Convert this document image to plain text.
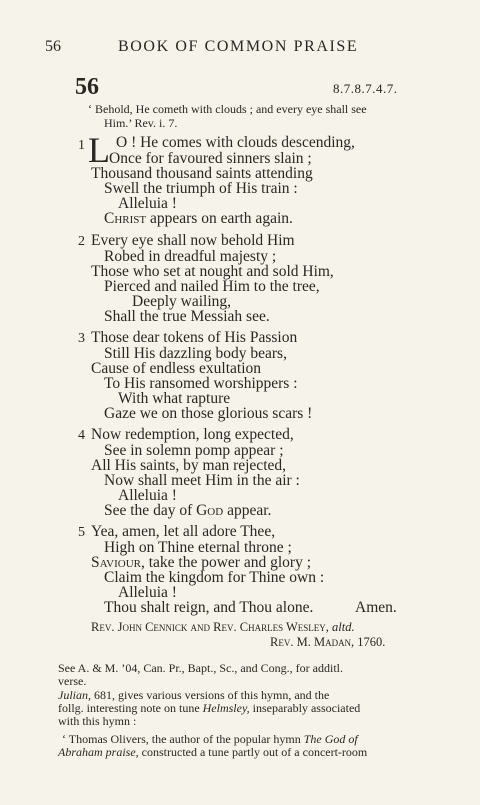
56	BOOK OF COMMON PRAISE
56	8.7.8.7.4.7.
‘ Behold, He cometh with clouds ; and every eye shall see
Him.’ Rev. i. 7.
1 L O ! He comes with clouds descending,
Once for favoured sinners slain ;
Thousand thousand saints attending
Swell the triumph of His train :
Alleluia !
Christ appears on earth again.
2 Every eye shall now behold Him
Robed in dreadful majesty ;
Those who set at nought and sold Him,
Pierced and nailed Him to the tree,
Deeply wailing,
Shall the true Messiah see.
3 Those dear tokens of His Passion
Still His dazzling body bears,
Cause of endless exultation
To His ransomed worshippers :
With what rapture
Gaze we on those glorious scars !
4 Now redemption, long expected,
See in solemn pomp appear ;
All His saints, by man rejected,
Now shall meet Him in the air :
Alleluia !
See the day of God appear.
5 Yea, amen, let all adore Thee,
High on Thine eternal throne ;
Saviour, take the power and glory ;
Claim the kingdom for Thine own :
Alleluia !
Thou shalt reign, and Thou alone.	Amen.
Rev. John Cennick and Rev. Charles Wesley, altd.
Rev. M. Madan, 1760.
See A. & M. ’04, Can. Pr., Bapt., Sc., and Cong., for additl.
verse.
Julian, 681, gives various versions of this hymn, and the
follg. interesting note on tune Helmsley, inseparably associated
with this hymn :
‘ Thomas Olivers, the author of the popular hymn The God of
Abraham praise, constructed a tune partly out of a concert-room
